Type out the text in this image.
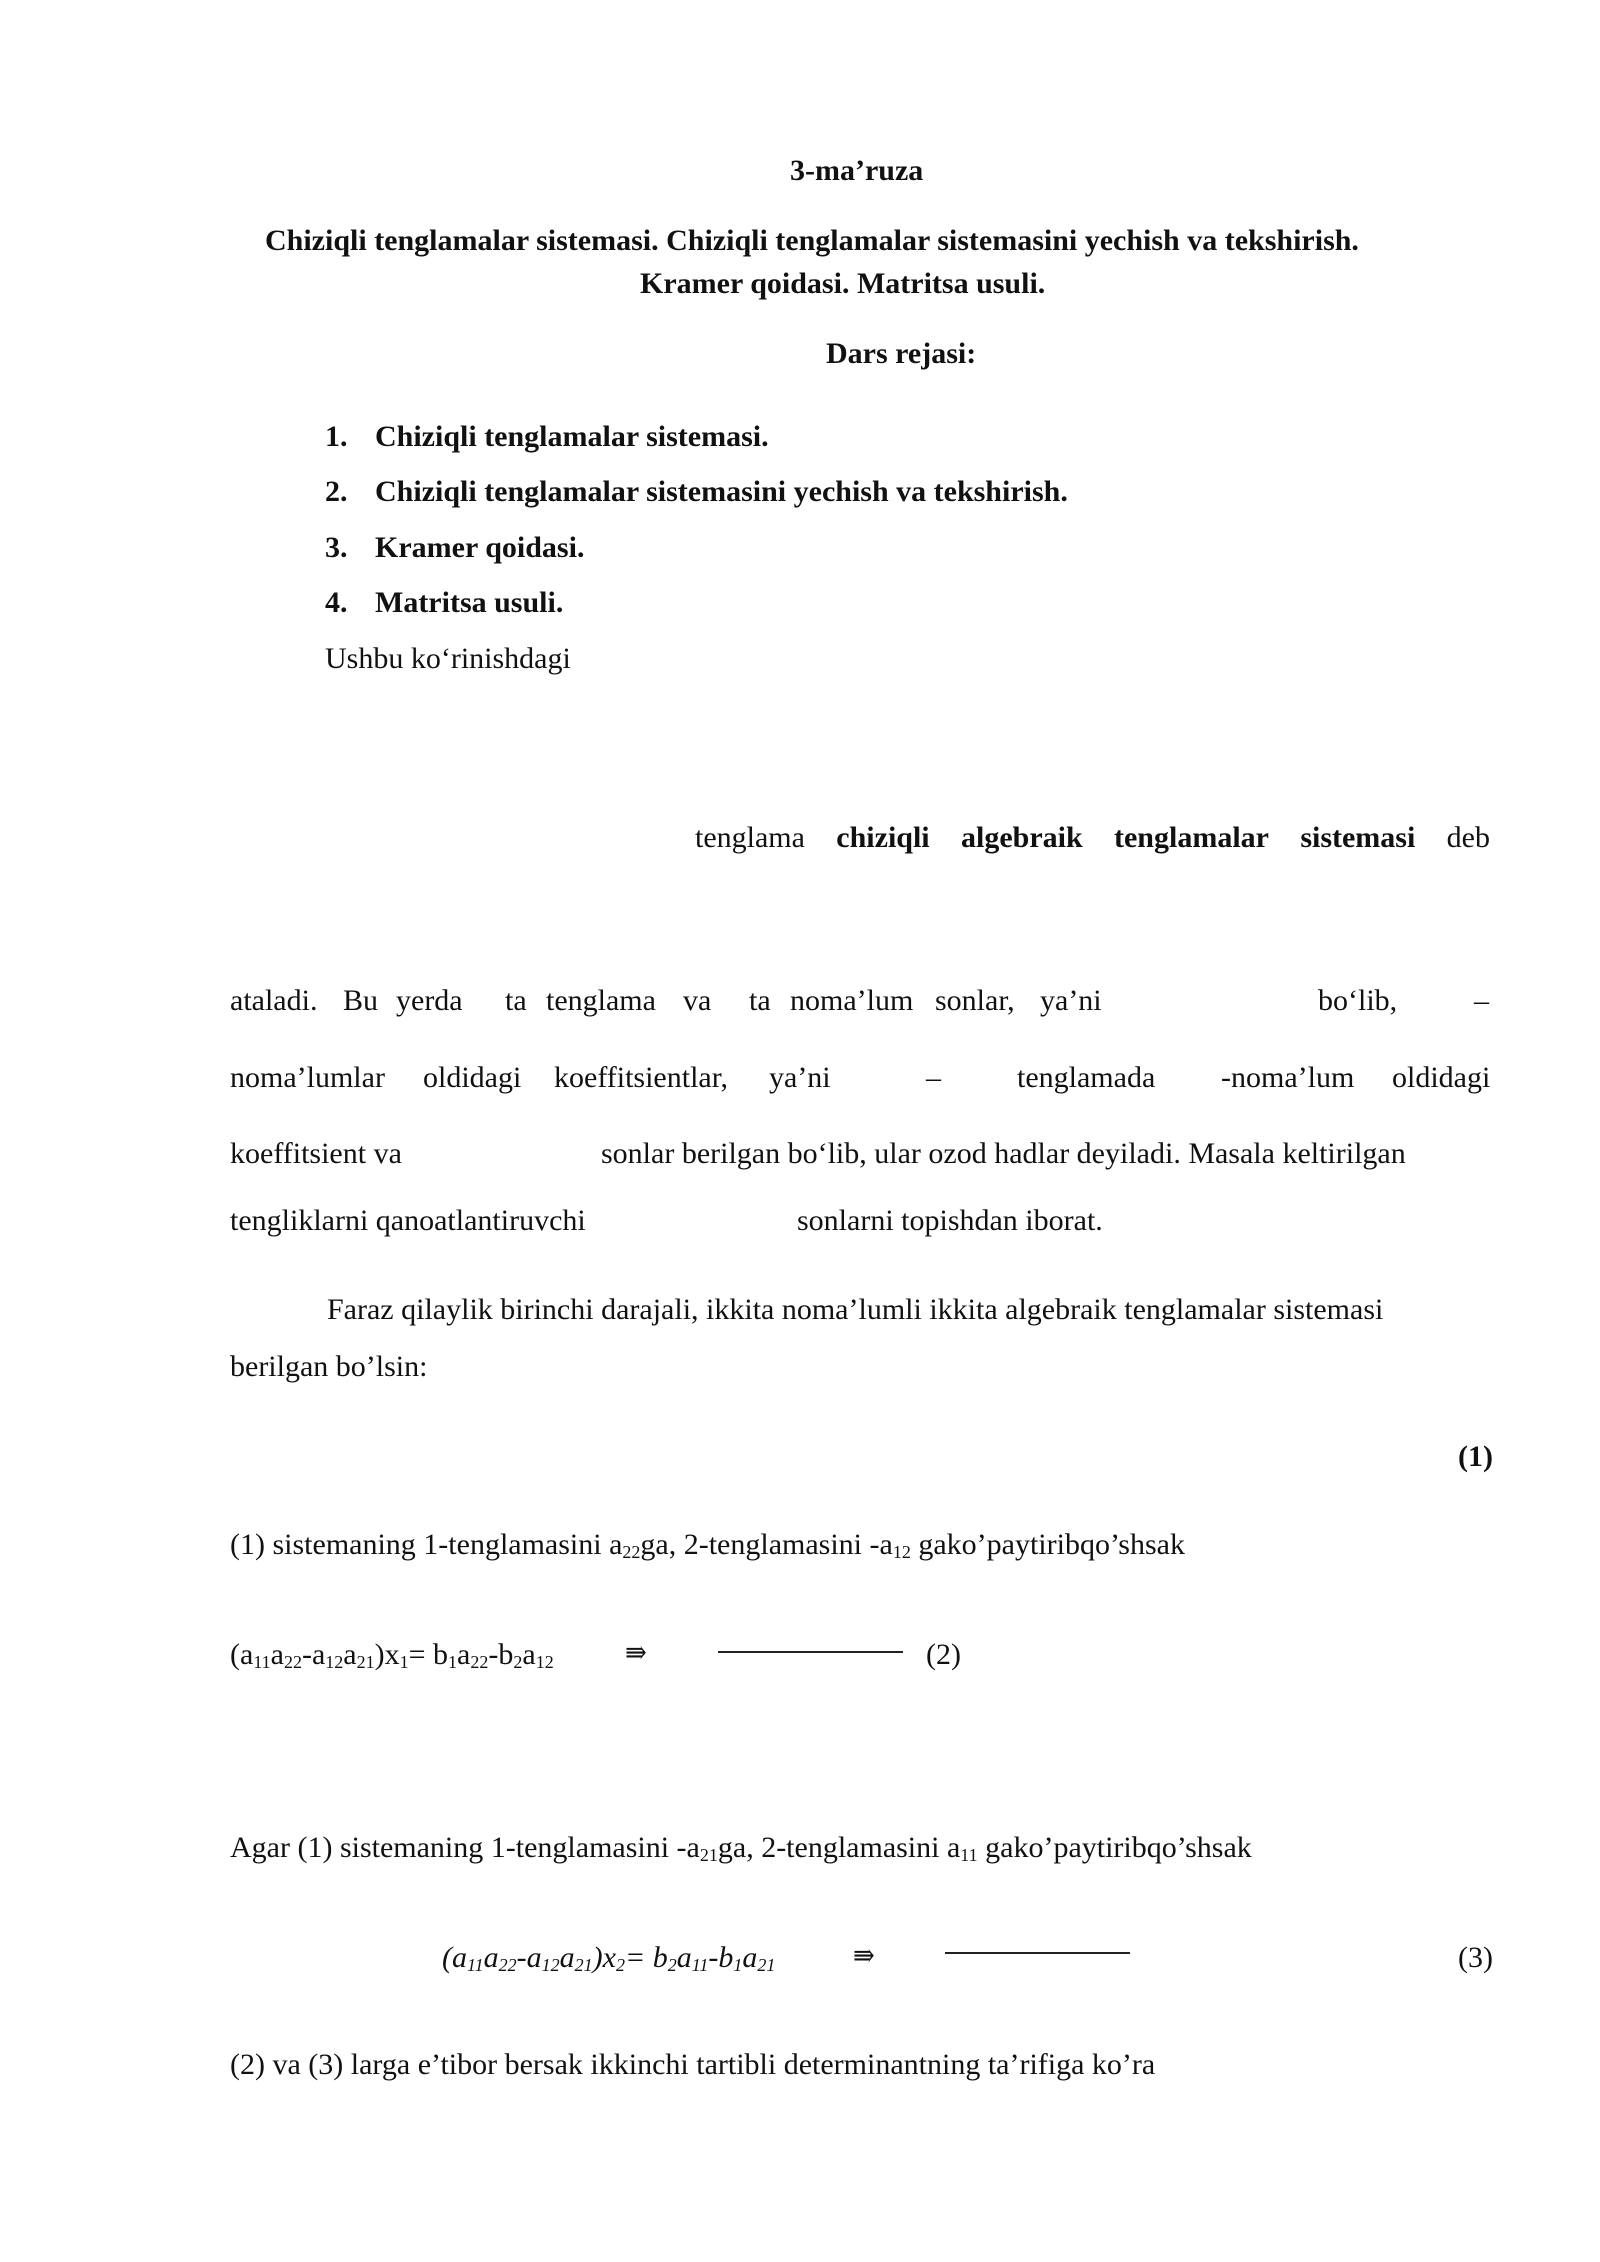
3-ma’ruza
Chiziqli tenglamalar sistemasi. Chiziqli tenglamalar sistemasini yechish va tekshirish.
Kramer qoidasi. Matritsa usuli.
Dars rejasi:
1. Chiziqli tenglamalar sistemasi.
2. Chiziqli tenglamalar sistemasini yechish va tekshirish.
3. Kramer qoidasi.
4. Matritsa usuli.
Ushbu ko‘rinishdagi
tenglama chiziqli algebraik tenglamalar sistemasi deb
ataladi. Bu yerda ta tenglama va ta noma’lum sonlar, ya’ni	bo‘lib,	–
noma’lumlar oldidagi koeffitsientlar, ya’ni	–	tenglamada -noma’lum oldidagi
koeffitsient va	sonlar berilgan bo‘lib, ular ozod hadlar deyiladi. Masala keltirilgan
tengliklarni qanoatlantiruvchi	sonlarni topishdan iborat.
Faraz qilaylik birinchi darajali, ikkita noma’lumli ikkita algebraik tenglamalar sistemasi
berilgan bo’lsin:
(1)
(1) sistemaning 1-tenglamasini $a_{22}ga$, 2-tenglamasini $-a_{12}$ gako’paytiribqo’shsak
$(a_{11}a_{22}-a_{12}a_{21})x_1= b_1a_{22}-b_2a_{12}$	⇛	(2)
Agar (1) sistemaning 1-tenglamasini $-a_{21}ga$, 2-tenglamasini $a_{11}$ gako’paytiribqo’shsak
$(a_{11}a_{22}-a_{12}a_{21})x_2= b_2a_{11}-b_1a_{21}$	⇛	(3)
(2) va (3) larga e’tibor bersak ikkinchi tartibli determinantning ta’rifiga ko’ra
